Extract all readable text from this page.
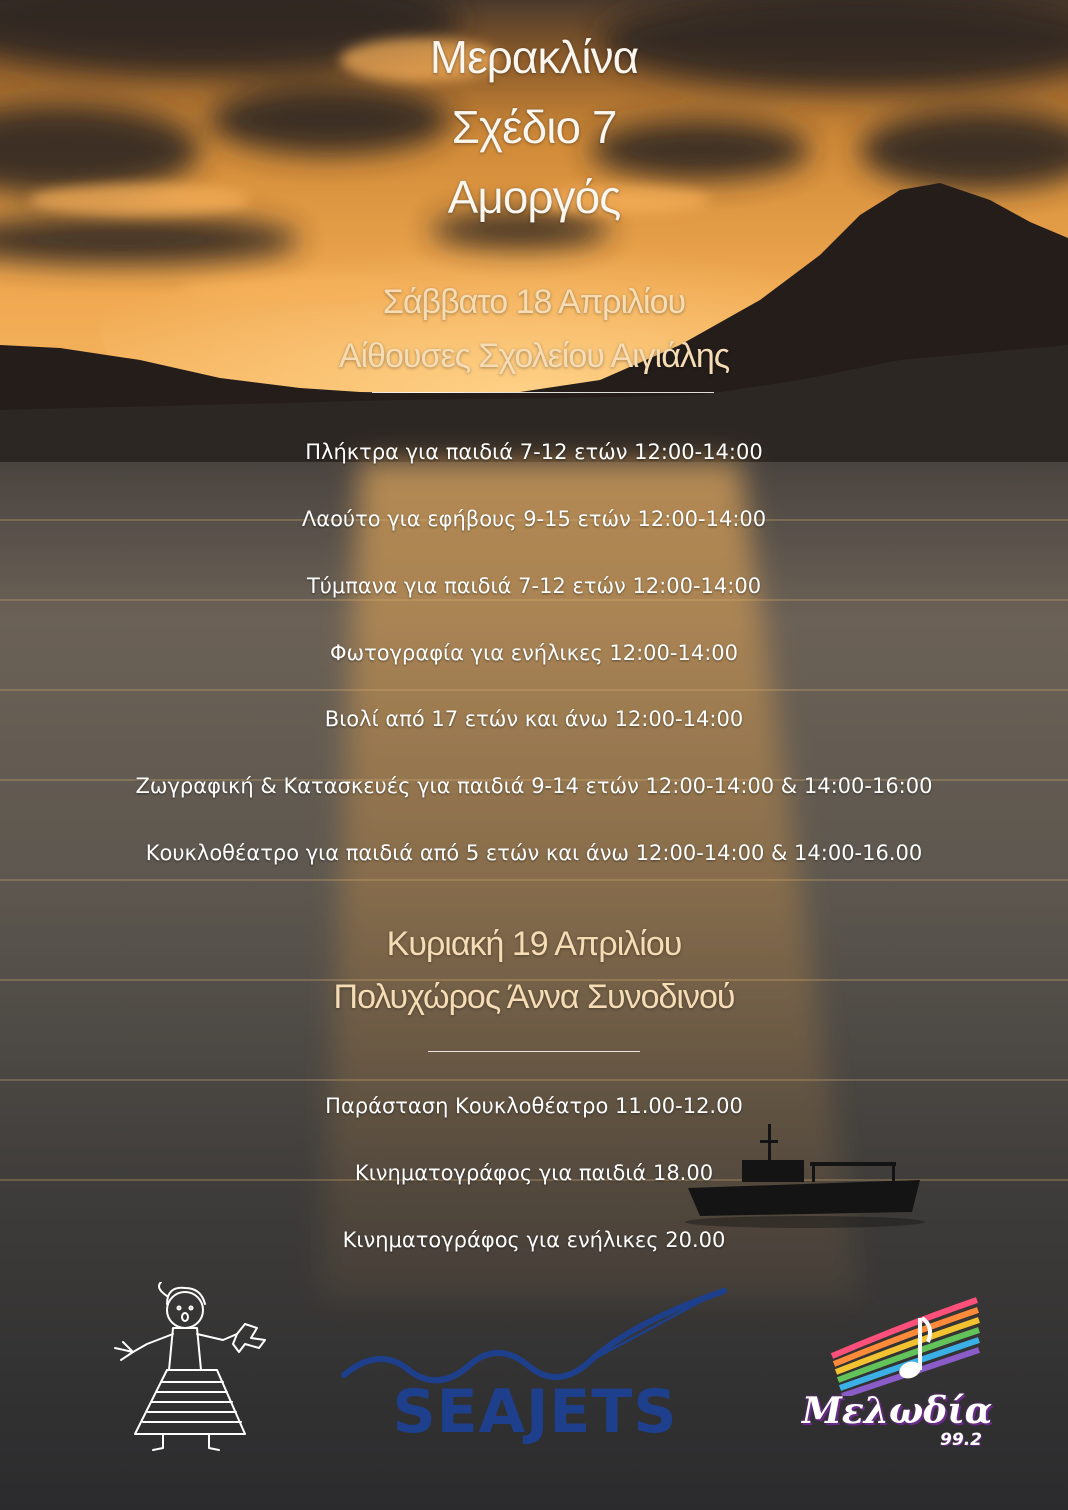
Μερακλίνα
Σχέδιο 7
Αμοργός
Σάββατο 18 Απριλίου
Αίθουσες Σχολείου Αιγιάλης
Πλήκτρα για παιδιά 7-12 ετών 12:00-14:00
Λαούτο για εφήβους 9-15 ετών 12:00-14:00
Τύμπανα για παιδιά 7-12 ετών 12:00-14:00
Φωτογραφία για ενήλικες 12:00-14:00
Βιολί από 17 ετών και άνω 12:00-14:00
Ζωγραφική & Κατασκευές για παιδιά 9-14 ετών 12:00-14:00 & 14:00-16:00
Κουκλοθέατρο για παιδιά από 5 ετών και άνω 12:00-14:00 & 14:00-16.00
Κυριακή 19 Απριλίου
Πολυχώρος Άννα Συνοδινού
Παράσταση Κουκλοθέατρο 11.00-12.00
Κινηματογράφος για παιδιά 18.00
Κινηματογράφος για ενήλικες 20.00
SEAJETS	Μελωδία
99.2
